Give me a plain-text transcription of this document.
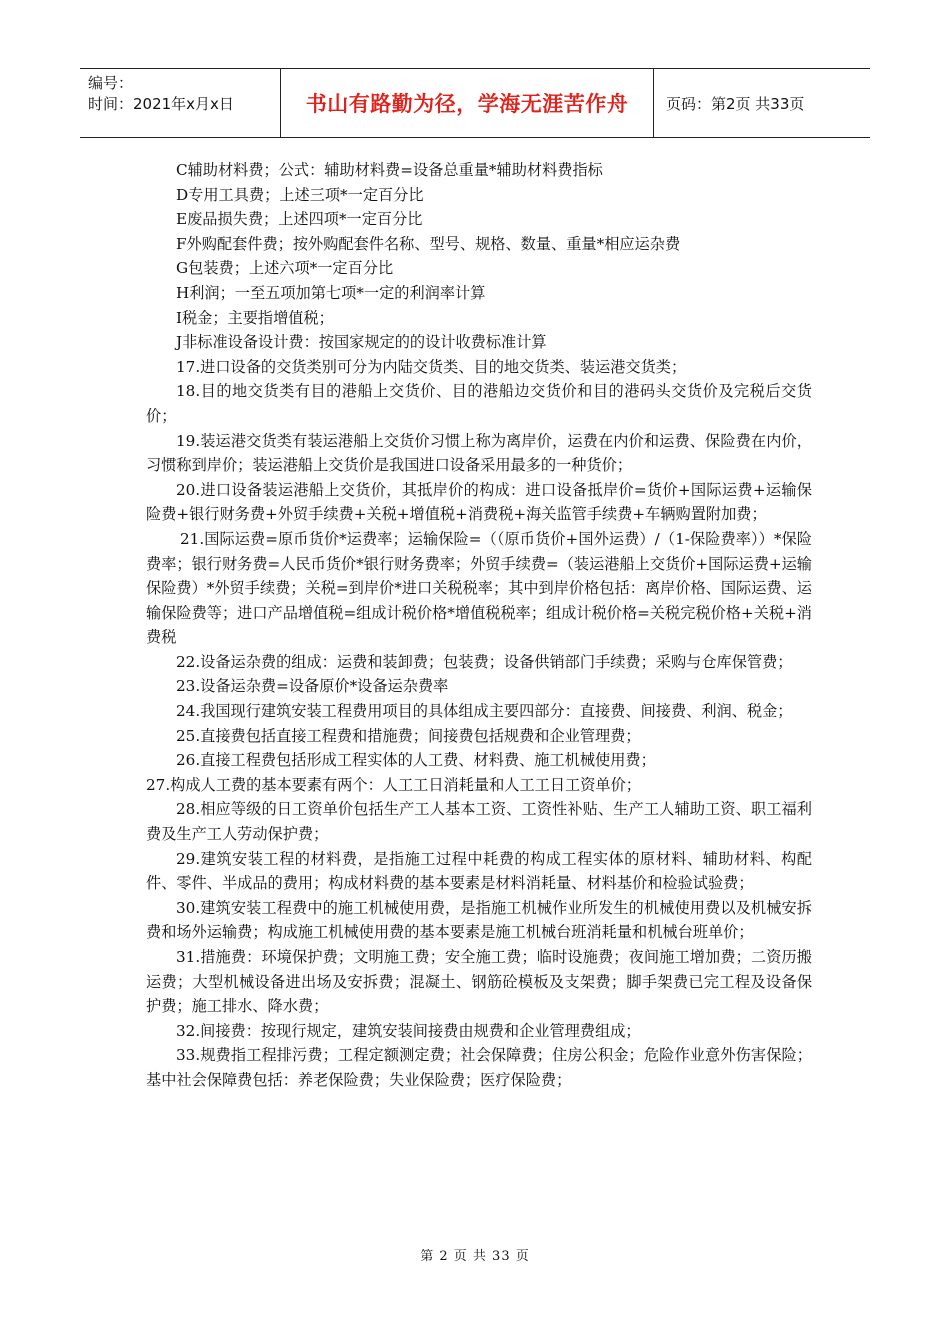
编号：
时间：2021年x月x日	书山有路勤为径，学海无涯苦作舟	页码：第2页 共33页

C辅助材料费；公式：辅助材料费=设备总重量*辅助材料费指标

D专用工具费；上述三项*一定百分比

E废品损失费；上述四项*一定百分比

F外购配套件费；按外购配套件名称、型号、规格、数量、重量*相应运杂费

G包装费；上述六项*一定百分比

H利润；一至五项加第七项*一定的利润率计算

I税金；主要指增值税；

J非标准设备设计费：按国家规定的的设计收费标准计算

17.进口设备的交货类别可分为内陆交货类、目的地交货类、装运港交货类；

18.目的地交货类有目的港船上交货价、目的港船边交货价和目的港码头交货价及完税后交货价；

19.装运港交货类有装运港船上交货价习惯上称为离岸价，运费在内价和运费、保险费在内价，习惯称到岸价；装运港船上交货价是我国进口设备采用最多的一种货价；

20.进口设备装运港船上交货价，其抵岸价的构成：进口设备抵岸价=货价+国际运费+运输保险费+银行财务费+外贸手续费+关税+增值税+消费税+海关监管手续费+车辆购置附加费；

21.国际运费=原币货价*运费率；运输保险=（（原币货价+国外运费）/（1-保险费率））*保险费率；银行财务费=人民币货价*银行财务费率；外贸手续费=（装运港船上交货价+国际运费+运输保险费）*外贸手续费；关税=到岸价*进口关税税率；其中到岸价格包括：离岸价格、国际运费、运输保险费等；进口产品增值税=组成计税价格*增值税税率；组成计税价格=关税完税价格+关税+消费税

22.设备运杂费的组成：运费和装卸费；包装费；设备供销部门手续费；采购与仓库保管费；

23.设备运杂费=设备原价*设备运杂费率

24.我国现行建筑安装工程费用项目的具体组成主要四部分：直接费、间接费、利润、税金；

25.直接费包括直接工程费和措施费；间接费包括规费和企业管理费；

26.直接工程费包括形成工程实体的人工费、材料费、施工机械使用费；

27.构成人工费的基本要素有两个：人工工日消耗量和人工工日工资单价；

28.相应等级的日工资单价包括生产工人基本工资、工资性补贴、生产工人辅助工资、职工福利费及生产工人劳动保护费；

29.建筑安装工程的材料费，是指施工过程中耗费的构成工程实体的原材料、辅助材料、构配件、零件、半成品的费用；构成材料费的基本要素是材料消耗量、材料基价和检验试验费；

30.建筑安装工程费中的施工机械使用费，是指施工机械作业所发生的机械使用费以及机械安拆费和场外运输费；构成施工机械使用费的基本要素是施工机械台班消耗量和机械台班单价；

31.措施费：环境保护费；文明施工费；安全施工费；临时设施费；夜间施工增加费；二资历搬运费；大型机械设备进出场及安拆费；混凝土、钢筋砼模板及支架费；脚手架费已完工程及设备保护费；施工排水、降水费；

32.间接费：按现行规定，建筑安装间接费由规费和企业管理费组成；

33.规费指工程排污费；工程定额测定费；社会保障费；住房公积金；危险作业意外伤害保险；基中社会保障费包括：养老保险费；失业保险费；医疗保险费；

第 2 页 共 33 页
